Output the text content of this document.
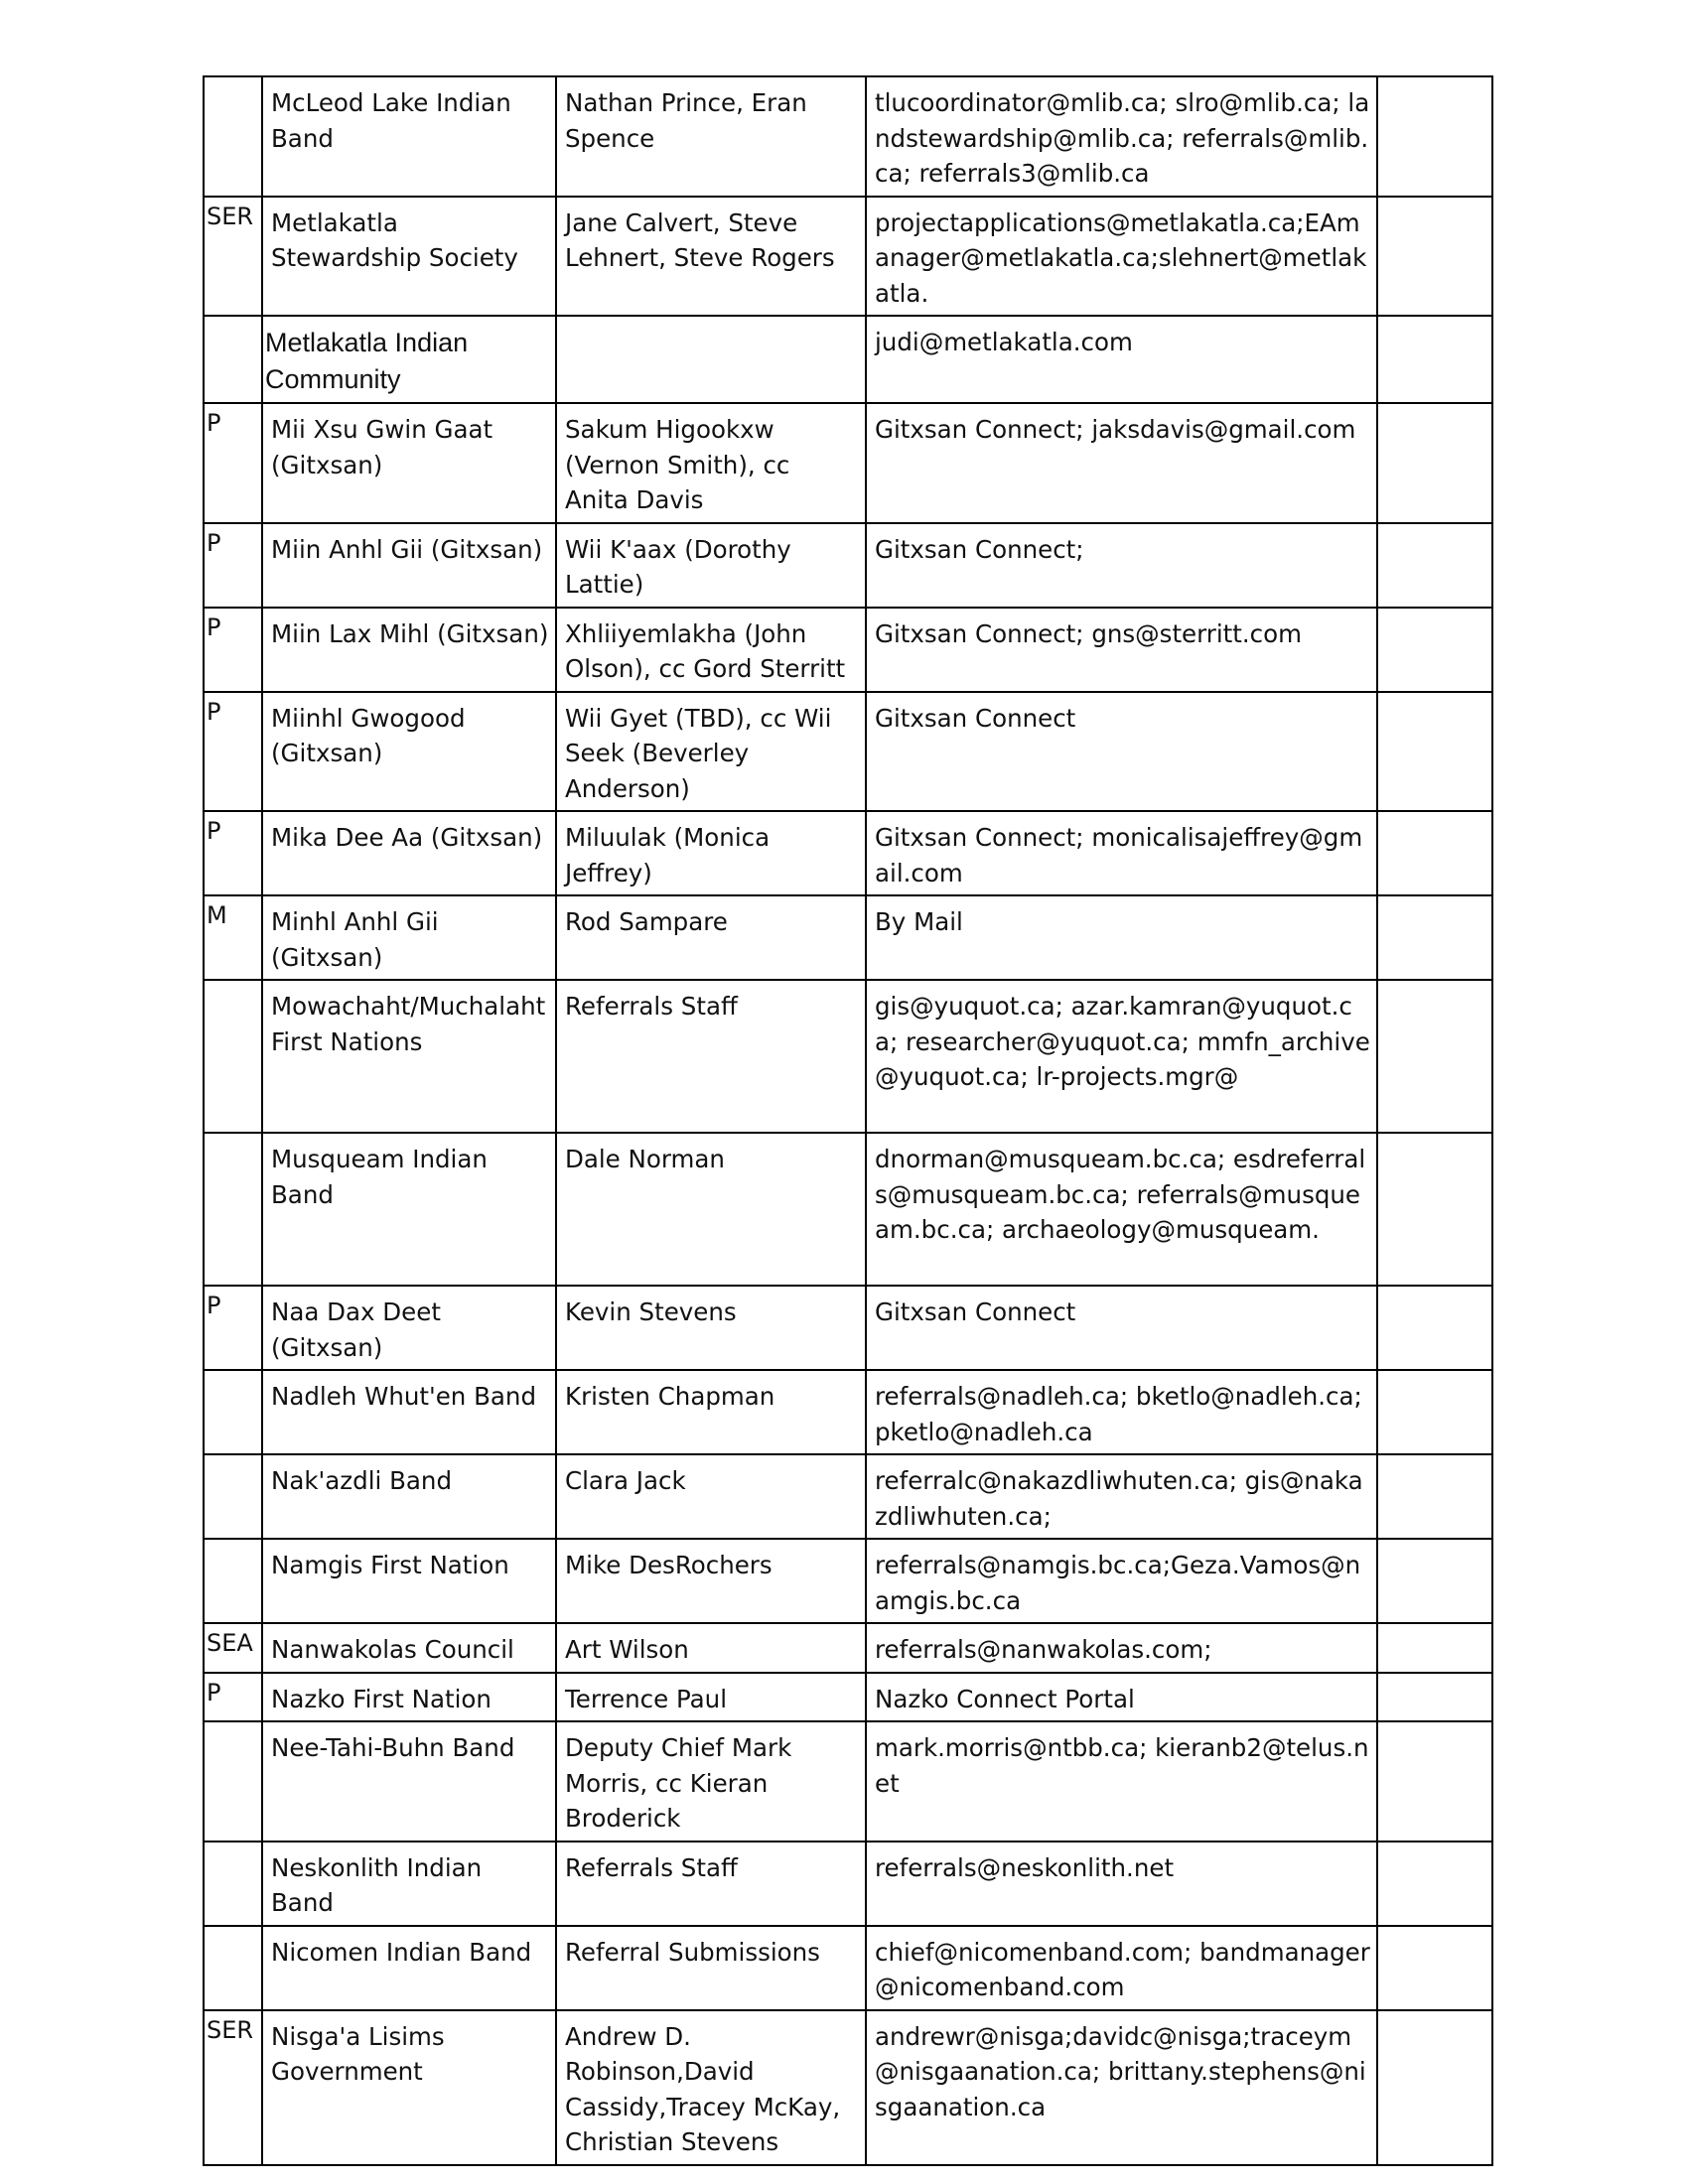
	McLeod Lake Indian Band	Nathan Prince, Eran Spence	tlucoordinator@mlib.ca; slro@mlib.ca; landstewardship@mlib.ca; referrals@mlib.ca; referrals3@mlib.ca	
SER	Metlakatla Stewardship Society	Jane Calvert, Steve Lehnert, Steve Rogers	projectapplications@metlakatla.ca;EAmanager@metlakatla.ca;slehnert@metlakatla.	
	Metlakatla Indian Community		judi@metlakatla.com	
P	Mii Xsu Gwin Gaat (Gitxsan)	Sakum Higookxw (Vernon Smith), cc Anita Davis	Gitxsan Connect; jaksdavis@gmail.com	
P	Miin Anhl Gii (Gitxsan)	Wii K'aax (Dorothy Lattie)	Gitxsan Connect;	
P	Miin Lax Mihl (Gitxsan)	Xhliiyemlakha (John Olson), cc Gord Sterritt	Gitxsan Connect; gns@sterritt.com	
P	Miinhl Gwogood (Gitxsan)	Wii Gyet (TBD), cc Wii Seek (Beverley Anderson)	Gitxsan Connect	
P	Mika Dee Aa (Gitxsan)	Miluulak (Monica Jeffrey)	Gitxsan Connect; monicalisajeffrey@gmail.com	
M	Minhl Anhl Gii (Gitxsan)	Rod Sampare	By Mail	
	Mowachaht/Muchalaht First Nations	Referrals Staff	gis@yuquot.ca; azar.kamran@yuquot.ca; researcher@yuquot.ca; mmfn_archive@yuquot.ca; lr-projects.mgr@	
	Musqueam Indian Band	Dale Norman	dnorman@musqueam.bc.ca; esdreferrals@musqueam.bc.ca; referrals@musqueam.bc.ca; archaeology@musqueam.	
P	Naa Dax Deet (Gitxsan)	Kevin Stevens	Gitxsan Connect	
	Nadleh Whut'en Band	Kristen Chapman	referrals@nadleh.ca; bketlo@nadleh.ca; pketlo@nadleh.ca	
	Nak'azdli Band	Clara Jack	referralc@nakazdliwhuten.ca; gis@nakazdliwhuten.ca;	
	Namgis First Nation	Mike DesRochers	referrals@namgis.bc.ca;Geza.Vamos@namgis.bc.ca	
SEA	Nanwakolas Council	Art Wilson	referrals@nanwakolas.com;	
P	Nazko First Nation	Terrence Paul	Nazko Connect Portal	
	Nee-Tahi-Buhn Band	Deputy Chief Mark Morris, cc Kieran Broderick	mark.morris@ntbb.ca; kieranb2@telus.net	
	Neskonlith Indian Band	Referrals Staff	referrals@neskonlith.net	
	Nicomen Indian Band	Referral Submissions	chief@nicomenband.com; bandmanager@nicomenband.com	
SER	Nisga'a Lisims Government	Andrew D. Robinson,David Cassidy,Tracey McKay, Christian Stevens	andrewr@nisga;davidc@nisga;traceym@nisgaanation.ca; brittany.stephens@nisgaanation.ca	
